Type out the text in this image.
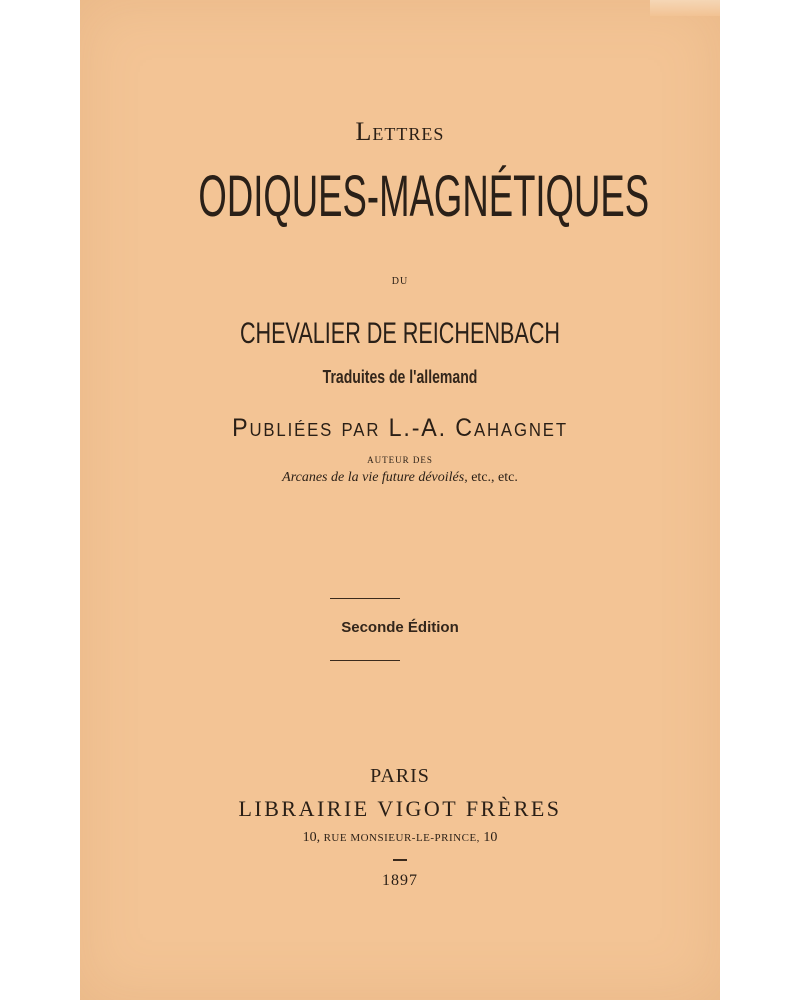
Lettres
ODIQUES-MAGNÉTIQUES
DU
CHEVALIER DE REICHENBACH
Traduites de l'allemand
Publiées par L.-A. Cahagnet
AUTEUR DES
Arcanes de la vie future dévoilés, etc., etc.
Seconde Édition
PARIS
LIBRAIRIE VIGOT FRÈRES
10, RUE MONSIEUR-LE-PRINCE, 10
1897
